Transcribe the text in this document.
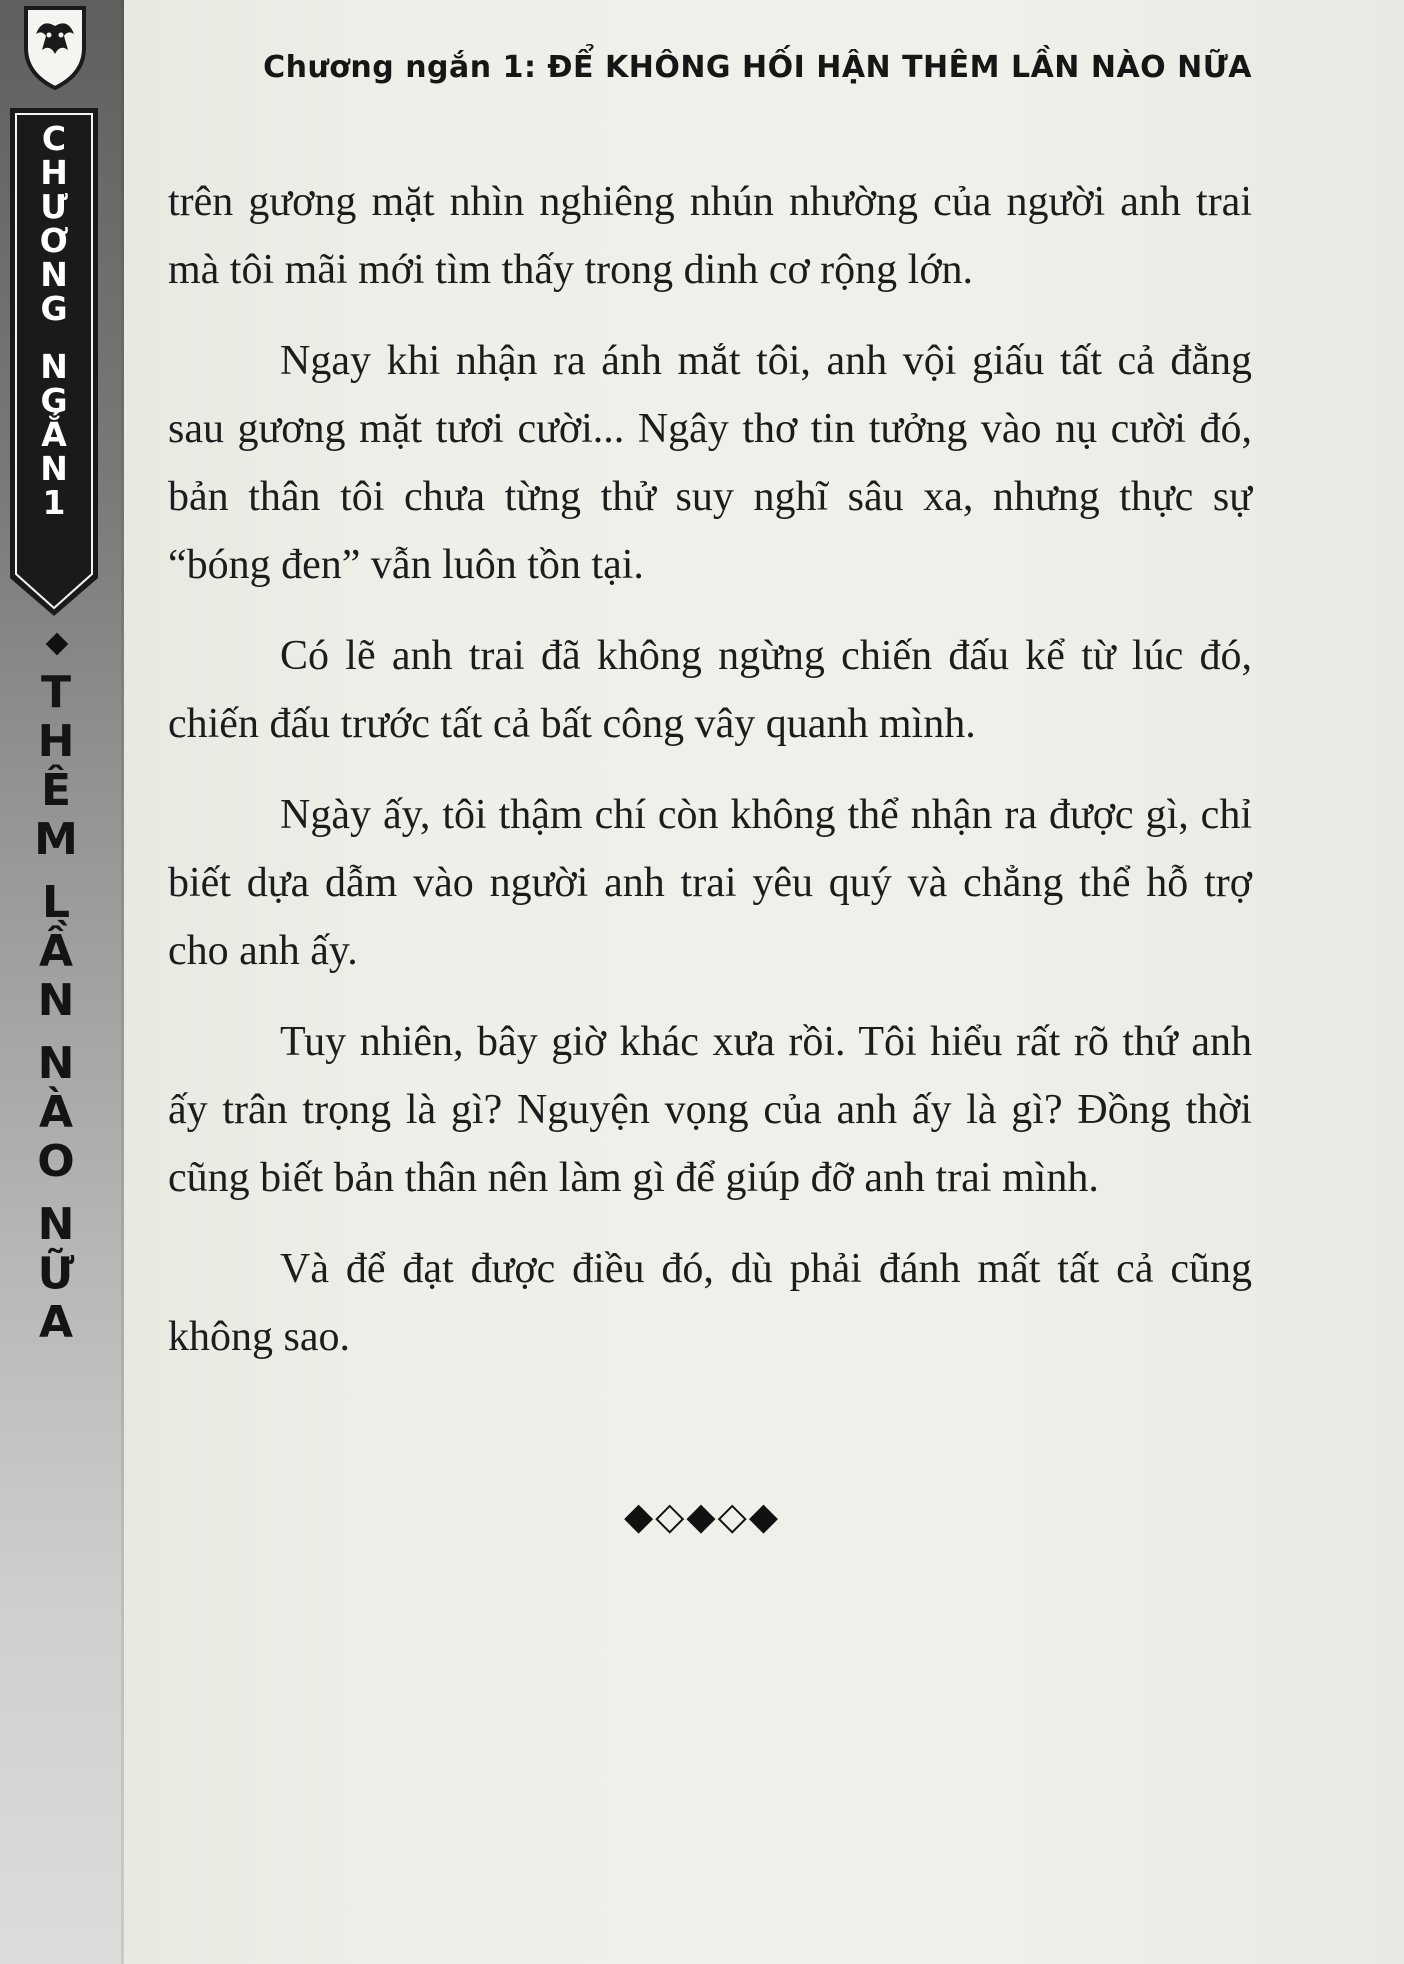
C
H
Ư
Ơ
N
G
N
G
Ắ
N
1
T
H
Ê
M
L
Ầ
N
N
À
O
N
Ữ
A
Chương ngắn 1: ĐỂ KHÔNG HỐI HẬN THÊM LẦN NÀO NỮA

trên gương mặt nhìn nghiêng nhún nhường của người anh trai mà tôi mãi mới tìm thấy trong dinh cơ rộng lớn.

Ngay khi nhận ra ánh mắt tôi, anh vội giấu tất cả đằng sau gương mặt tươi cười... Ngây thơ tin tưởng vào nụ cười đó, bản thân tôi chưa từng thử suy nghĩ sâu xa, nhưng thực sự “bóng đen” vẫn luôn tồn tại.

Có lẽ anh trai đã không ngừng chiến đấu kể từ lúc đó, chiến đấu trước tất cả bất công vây quanh mình.

Ngày ấy, tôi thậm chí còn không thể nhận ra được gì, chỉ biết dựa dẫm vào người anh trai yêu quý và chẳng thể hỗ trợ cho anh ấy.

Tuy nhiên, bây giờ khác xưa rồi. Tôi hiểu rất rõ thứ anh ấy trân trọng là gì? Nguyện vọng của anh ấy là gì? Đồng thời cũng biết bản thân nên làm gì để giúp đỡ anh trai mình.

Và để đạt được điều đó, dù phải đánh mất tất cả cũng không sao.

◆◇◆◇◆
